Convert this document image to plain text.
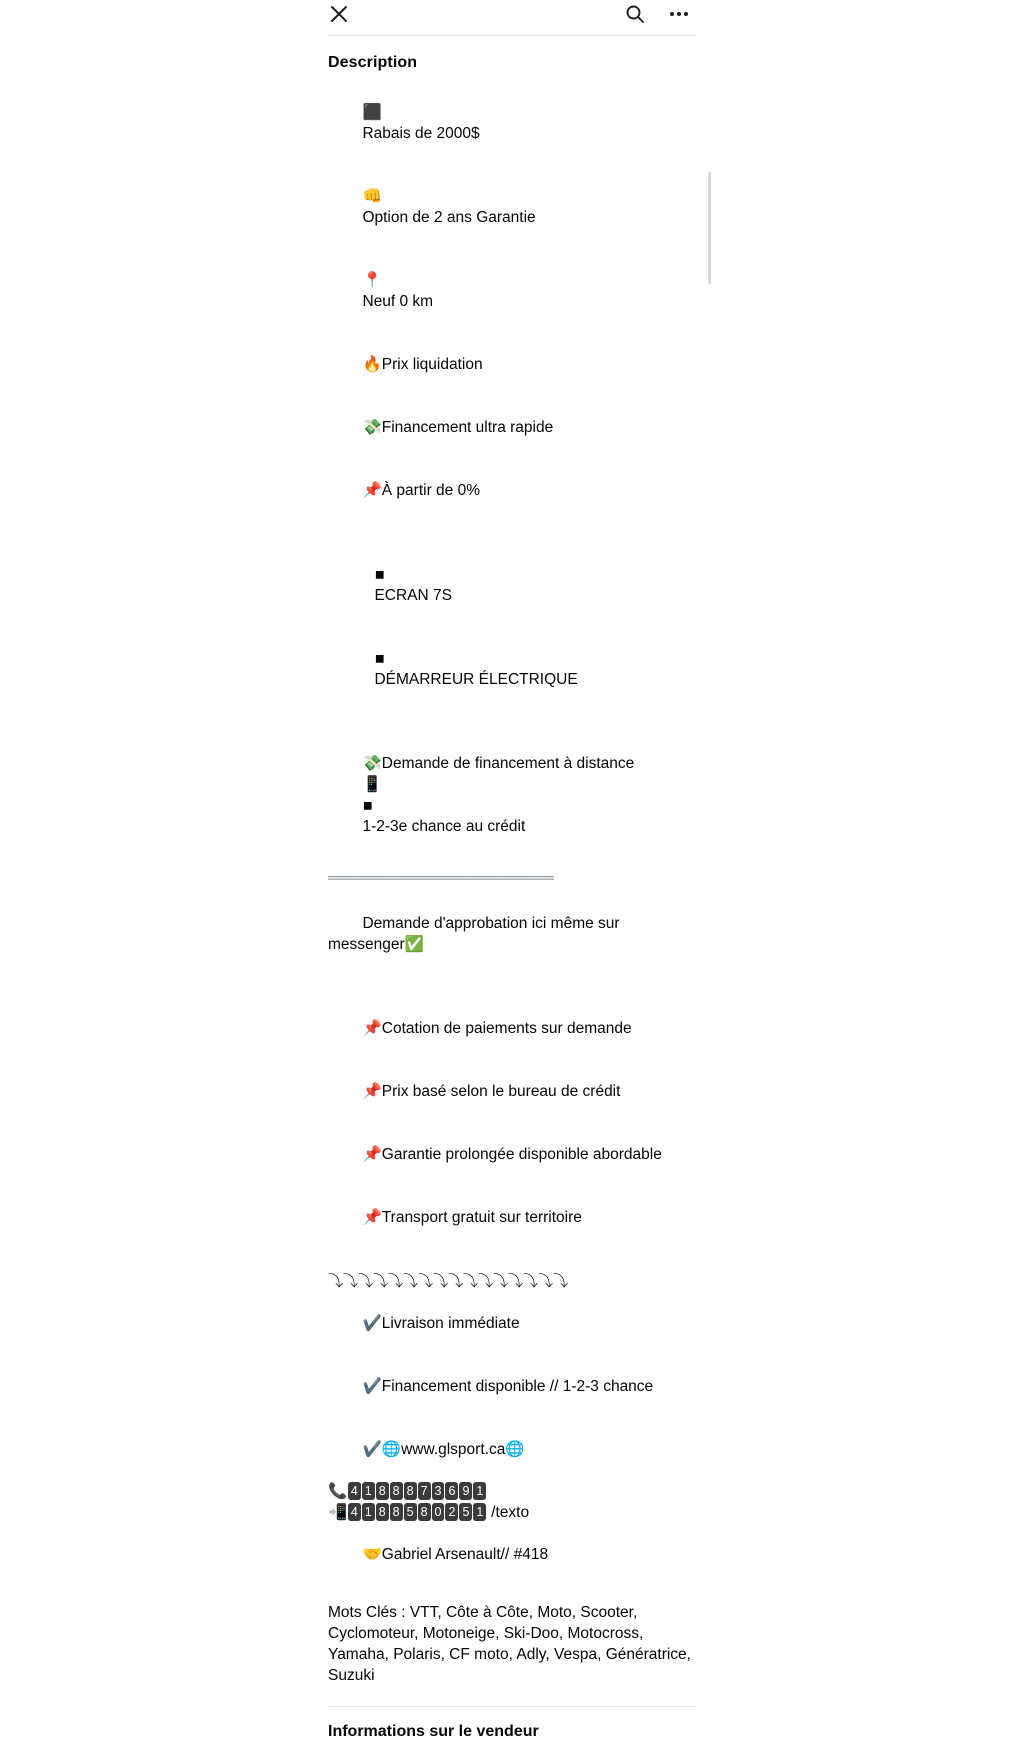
Description

⬛
Rabais de 2000$

👊
Option de 2 ans Garantie

📍
Neuf 0 km

🔥Prix liquidation

💸Financement ultra rapide

📌À partir de 0%

▪
ECRAN 7S

▪
DÉMARREUR ÉLECTRIQUE

💸Demande de financement à distance
📱
▪
1-2-3e chance au crédit

═════════════════════════

Demande d'approbation ici même sur messenger✅

📌Cotation de paiements sur demande

📌Prix basé selon le bureau de crédit

📌Garantie prolongée disponible abordable

📌Transport gratuit sur territoire

⤵⤵⤵⤵⤵⤵⤵⤵⤵⤵⤵⤵⤵⤵⤵⤵

✔️Livraison immédiate

✔️Financement disponible // 1-2-3 chance

✔️🌐www.glsport.ca🌐

📞 4 1 8 8 8 7 3 6 9 1
📲 4 1 8 8 5 8 0 2 5 1 /texto

🤝Gabriel Arsenault// #418

Mots Clés : VTT, Côte à Côte, Moto, Scooter, Cyclomoteur, Motoneige, Ski-Doo, Motocross, Yamaha, Polaris, CF moto, Adly, Vespa, Génératrice, Suzuki
Informations sur le vendeur
